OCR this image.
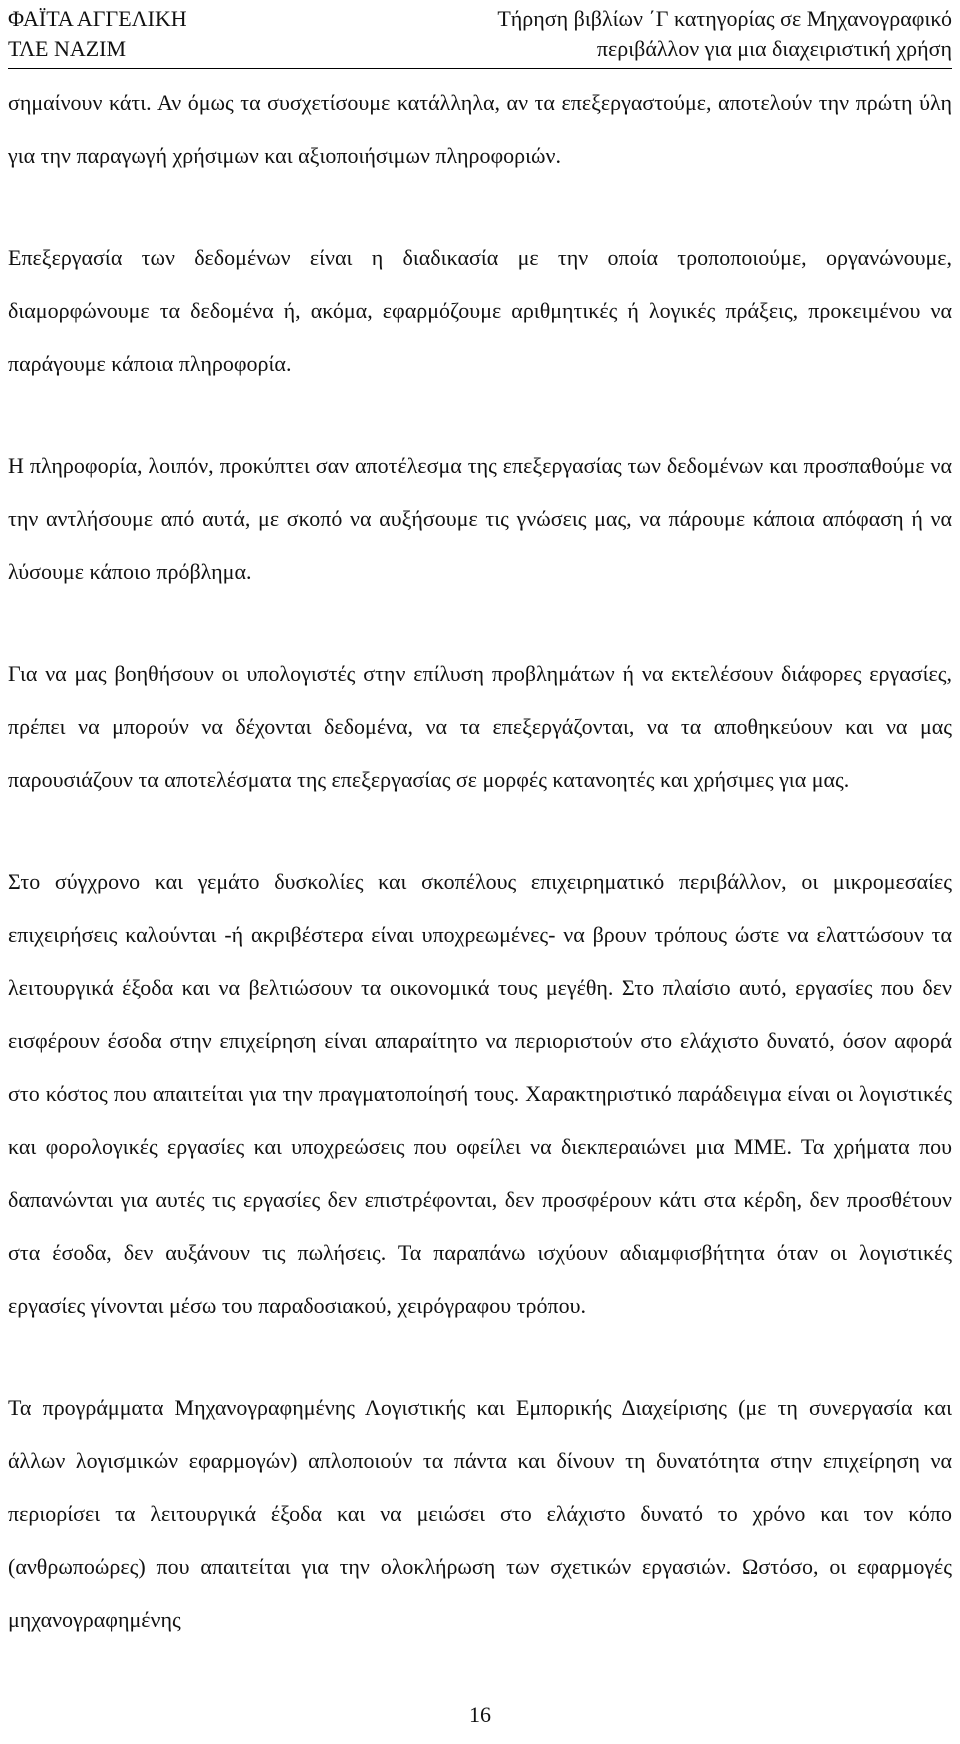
ΦΑΪΤΑ ΑΓΓΕΛΙΚΗ
ΤΛΕ ΝΑΖΙΜ
Τήρηση βιβλίων ΄Γ κατηγορίας σε Μηχανογραφικό
περιβάλλον για μια διαχειριστική χρήση

σημαίνουν κάτι. Αν όμως τα συσχετίσουμε κατάλληλα, αν τα επεξεργαστούμε, αποτελούν την πρώτη ύλη για την παραγωγή χρήσιμων και αξιοποιήσιμων πληροφοριών.

Επεξεργασία των δεδομένων είναι η διαδικασία με την οποία τροποποιούμε, οργανώνουμε, διαμορφώνουμε τα δεδομένα ή, ακόμα, εφαρμόζουμε αριθμητικές ή λογικές πράξεις, προκειμένου να παράγουμε κάποια πληροφορία.

Η πληροφορία, λοιπόν, προκύπτει σαν αποτέλεσμα της επεξεργασίας των δεδομένων και προσπαθούμε να την αντλήσουμε από αυτά, με σκοπό να αυξήσουμε τις γνώσεις μας, να πάρουμε κάποια απόφαση ή να λύσουμε κάποιο πρόβλημα.

Για να μας βοηθήσουν οι υπολογιστές στην επίλυση προβλημάτων ή να εκτελέσουν διάφορες εργασίες, πρέπει να μπορούν να δέχονται δεδομένα, να τα επεξεργάζονται, να τα αποθηκεύουν και να μας παρουσιάζουν τα αποτελέσματα της επεξεργασίας σε μορφές κατανοητές και χρήσιμες για μας.

Στο σύγχρονο και γεμάτο δυσκολίες και σκοπέλους επιχειρηματικό περιβάλλον, οι μικρομεσαίες επιχειρήσεις καλούνται -ή ακριβέστερα είναι υποχρεωμένες- να βρουν τρόπους ώστε να ελαττώσουν τα λειτουργικά έξοδα και να βελτιώσουν τα οικονομικά τους μεγέθη. Στο πλαίσιο αυτό, εργασίες που δεν εισφέρουν έσοδα στην επιχείρηση είναι απαραίτητο να περιοριστούν στο ελάχιστο δυνατό, όσον αφορά στο κόστος που απαιτείται για την πραγματοποίησή τους. Χαρακτηριστικό παράδειγμα είναι οι λογιστικές και φορολογικές εργασίες και υποχρεώσεις που οφείλει να διεκπεραιώνει μια ΜΜΕ. Τα χρήματα που δαπανώνται για αυτές τις εργασίες δεν επιστρέφονται, δεν προσφέρουν κάτι στα κέρδη, δεν προσθέτουν στα έσοδα, δεν αυξάνουν τις πωλήσεις. Τα παραπάνω ισχύουν αδιαμφισβήτητα όταν οι λογιστικές εργασίες γίνονται μέσω του παραδοσιακού, χειρόγραφου τρόπου.

Τα προγράμματα Μηχανογραφημένης Λογιστικής και Εμπορικής Διαχείρισης (με τη συνεργασία και άλλων λογισμικών εφαρμογών) απλοποιούν τα πάντα και δίνουν τη δυνατότητα στην επιχείρηση να περιορίσει τα λειτουργικά έξοδα και να μειώσει στο ελάχιστο δυνατό το χρόνο και τον κόπο (ανθρωποώρες) που απαιτείται για την ολοκλήρωση των σχετικών εργασιών. Ωστόσο, οι εφαρμογές μηχανογραφημένης

16
